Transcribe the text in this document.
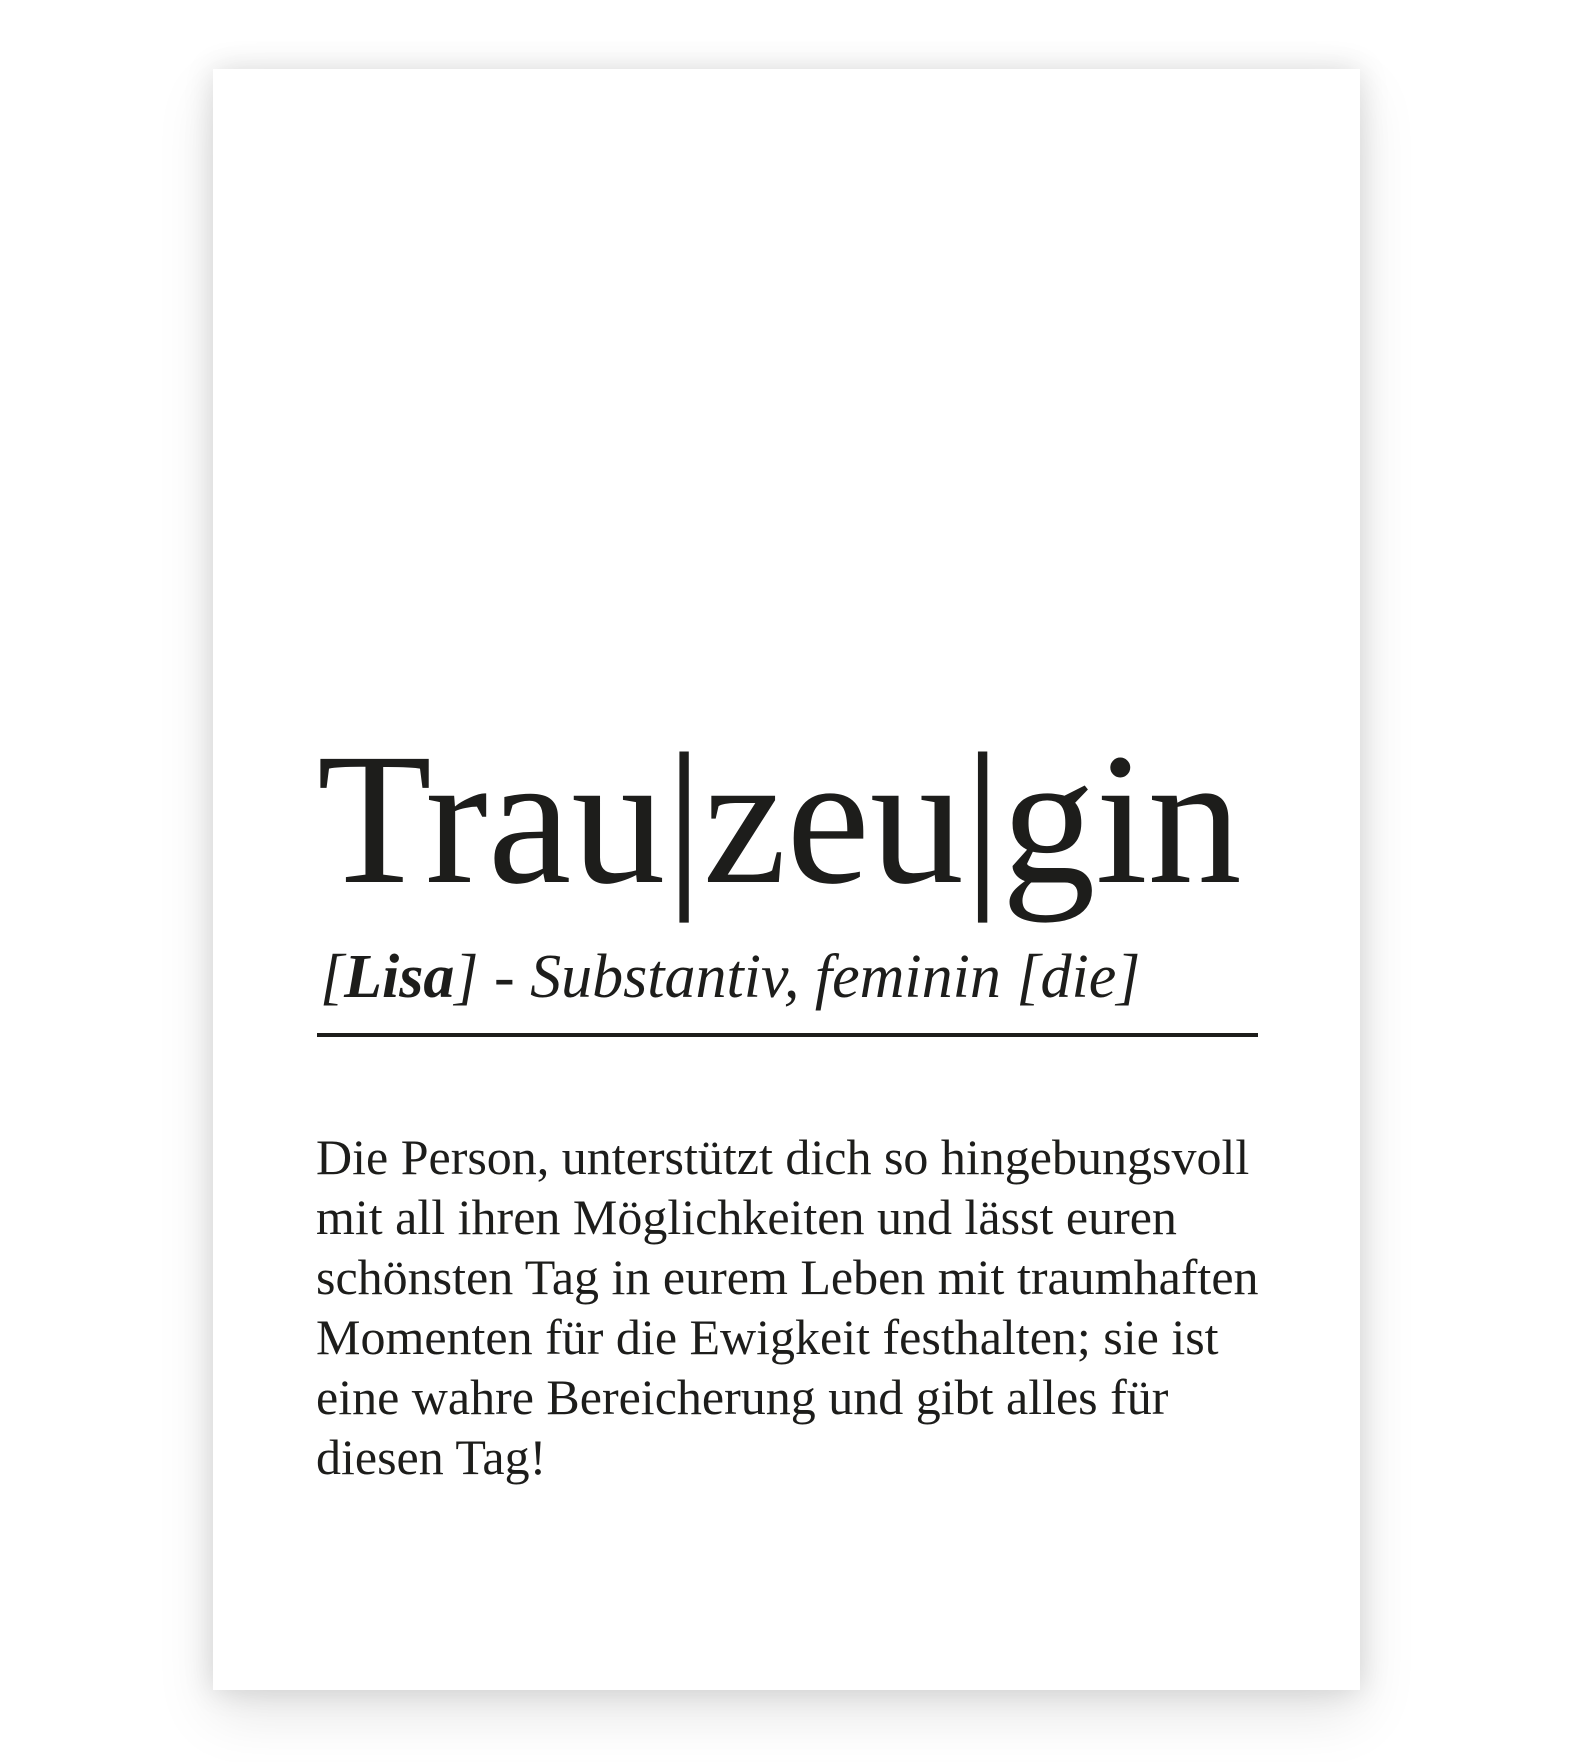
Trau|zeu|gin
[Lisa] - Substantiv, feminin [die]
Die Person, unterstützt dich so hingebungsvoll
mit all ihren Möglichkeiten und lässt euren
schönsten Tag in eurem Leben mit traumhaften
Momenten für die Ewigkeit festhalten; sie ist
eine wahre Bereicherung und gibt alles für
diesen Tag!
